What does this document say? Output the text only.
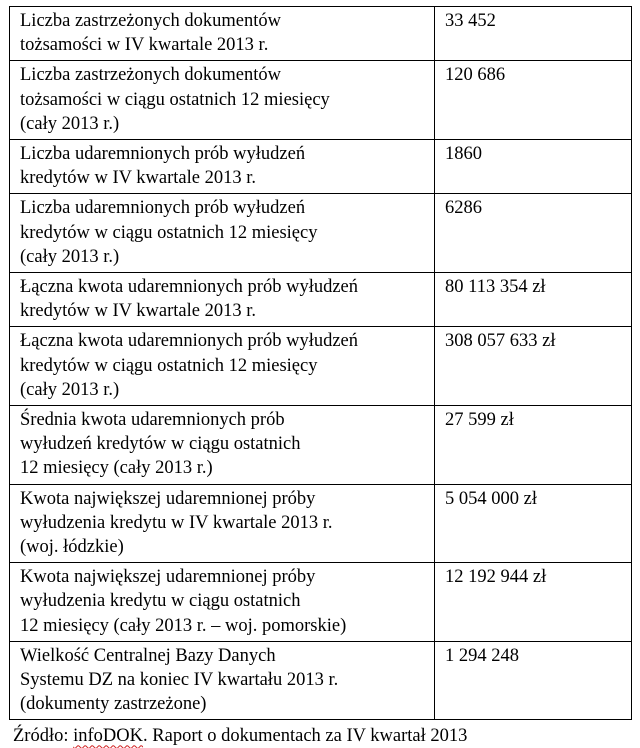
Liczba zastrzeżonych dokumentów
tożsamości w IV kwartale 2013 r.	33 452
Liczba zastrzeżonych dokumentów
tożsamości w ciągu ostatnich 12 miesięcy
(cały 2013 r.)	120 686
Liczba udaremnionych prób wyłudzeń
kredytów w IV kwartale 2013 r.	1860
Liczba udaremnionych prób wyłudzeń
kredytów w ciągu ostatnich 12 miesięcy
(cały 2013 r.)	6286
Łączna kwota udaremnionych prób wyłudzeń
kredytów w IV kwartale 2013 r.	80 113 354 zł
Łączna kwota udaremnionych prób wyłudzeń
kredytów w ciągu ostatnich 12 miesięcy
(cały 2013 r.)	308 057 633 zł
Średnia kwota udaremnionych prób
wyłudzeń kredytów w ciągu ostatnich
12 miesięcy (cały 2013 r.)	27 599 zł
Kwota największej udaremnionej próby
wyłudzenia kredytu w IV kwartale 2013 r.
(woj. łódzkie)	5 054 000 zł
Kwota największej udaremnionej próby
wyłudzenia kredytu w ciągu ostatnich
12 miesięcy (cały 2013 r. – woj. pomorskie)	12 192 944 zł
Wielkość Centralnej Bazy Danych
Systemu DZ na koniec IV kwartału 2013 r.
(dokumenty zastrzeżone)	1 294 248
Źródło: infoDOK. Raport o dokumentach za IV kwartał 2013
